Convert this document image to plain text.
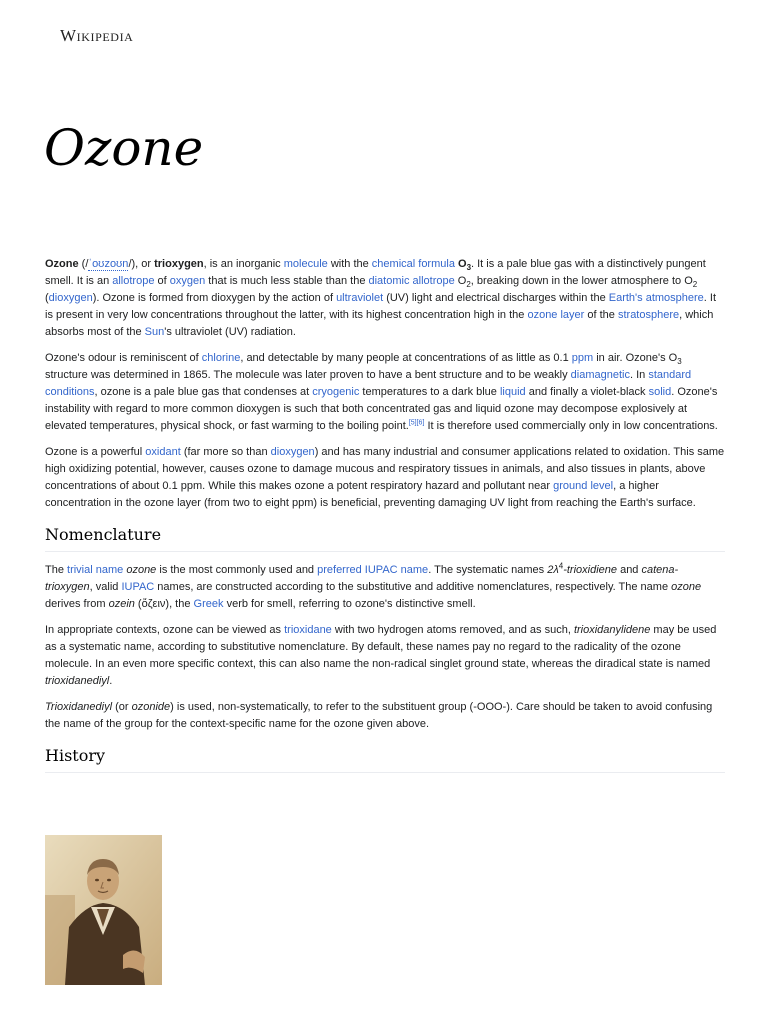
Wikipedia
Ozone

Ozone (/ˈoʊzoʊn/), or trioxygen, is an inorganic molecule with the chemical formula $O_3$. It is a pale blue gas with a distinctively pungent smell. It is an allotrope of oxygen that is much less stable than the diatomic allotrope $O_2$, breaking down in the lower atmosphere to $O_2$ (dioxygen). Ozone is formed from dioxygen by the action of ultraviolet (UV) light and electrical discharges within the Earth's atmosphere. It is present in very low concentrations throughout the latter, with its highest concentration high in the ozone layer of the stratosphere, which absorbs most of the Sun's ultraviolet (UV) radiation.

Ozone's odour is reminiscent of chlorine, and detectable by many people at concentrations of as little as 0.1 ppm in air. Ozone's $O_3$ structure was determined in 1865. The molecule was later proven to have a bent structure and to be weakly diamagnetic. In standard conditions, ozone is a pale blue gas that condenses at cryogenic temperatures to a dark blue liquid and finally a violet-black solid. Ozone's instability with regard to more common dioxygen is such that both concentrated gas and liquid ozone may decompose explosively at elevated temperatures, physical shock, or fast warming to the boiling point.[5][6] It is therefore used commercially only in low concentrations.

Ozone is a powerful oxidant (far more so than dioxygen) and has many industrial and consumer applications related to oxidation. This same high oxidizing potential, however, causes ozone to damage mucous and respiratory tissues in animals, and also tissues in plants, above concentrations of about 0.1 ppm. While this makes ozone a potent respiratory hazard and pollutant near ground level, a higher concentration in the ozone layer (from two to eight ppm) is beneficial, preventing damaging UV light from reaching the Earth's surface.

Nomenclature

The trivial name ozone is the most commonly used and preferred IUPAC name. The systematic names $2\lambda^4$-trioxidiene and catena-trioxygen, valid IUPAC names, are constructed according to the substitutive and additive nomenclatures, respectively. The name ozone derives from ozein (ὄζειν), the Greek verb for smell, referring to ozone's distinctive smell.

In appropriate contexts, ozone can be viewed as trioxidane with two hydrogen atoms removed, and as such, trioxidanylidene may be used as a systematic name, according to substitutive nomenclature. By default, these names pay no regard to the radicality of the ozone molecule. In an even more specific context, this can also name the non-radical singlet ground state, whereas the diradical state is named trioxidanediyl.

Trioxidanediyl (or ozonide) is used, non-systematically, to refer to the substituent group (-OOO-). Care should be taken to avoid confusing the name of the group for the context-specific name for the ozone given above.

History
